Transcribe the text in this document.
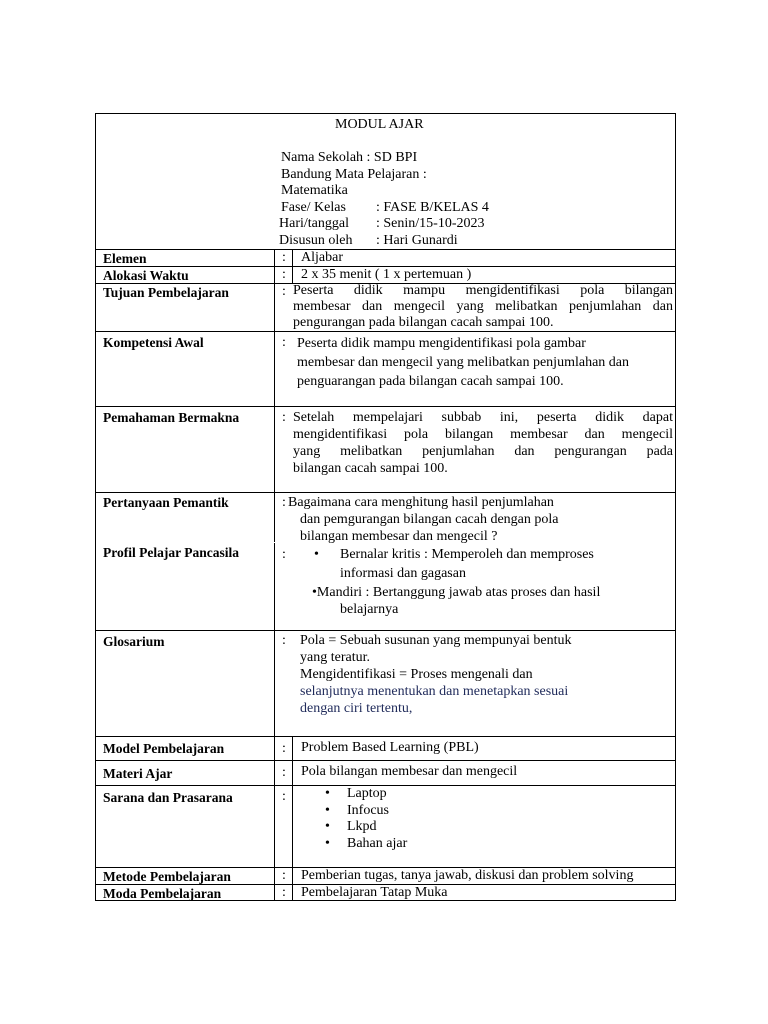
MODUL AJAR
Nama Sekolah : SD BPI
Bandung Mata Pelajaran :
Matematika
Fase/ Kelas : FASE B/KELAS 4
Hari/tanggal : Senin/15-10-2023
Disusun oleh : Hari Gunardi
Elemen	: Aljabar
Alokasi Waktu	: 2 x 35 menit ( 1 x pertemuan )
Tujuan Pembelajaran	: Peserta didik mampu mengidentifikasi pola bilangan
membesar dan mengecil yang melibatkan penjumlahan dan
pengurangan pada bilangan cacah sampai 100.
Kompetensi Awal	: Peserta didik mampu mengidentifikasi pola gambar
membesar dan mengecil yang melibatkan penjumlahan dan
penguarangan pada bilangan cacah sampai 100.
Pemahaman Bermakna	: Setelah mempelajari subbab ini, peserta didik dapat
mengidentifikasi pola bilangan membesar dan mengecil
yang melibatkan penjumlahan dan pengurangan pada
bilangan cacah sampai 100.
Pertanyaan Pemantik	: Bagaimana cara menghitung hasil penjumlahan
dan pemgurangan bilangan cacah dengan pola
bilangan membesar dan mengecil ?
Profil Pelajar Pancasila	: • Bernalar kritis : Memperoleh dan memproses
informasi dan gagasan
•Mandiri : Bertanggung jawab atas proses dan hasil
belajarnya
Glosarium	: Pola = Sebuah susunan yang mempunyai bentuk
yang teratur.
Mengidentifikasi = Proses mengenali dan
selanjutnya menentukan dan menetapkan sesuai
dengan ciri tertentu,
Model Pembelajaran	: Problem Based Learning (PBL)
Materi Ajar	: Pola bilangan membesar dan mengecil
Sarana dan Prasarana	:	• Laptop
• Infocus
• Lkpd
• Bahan ajar
Metode Pembelajaran	: Pemberian tugas, tanya jawab, diskusi dan problem solving
Moda Pembelajaran	: Pembelajaran Tatap Muka
